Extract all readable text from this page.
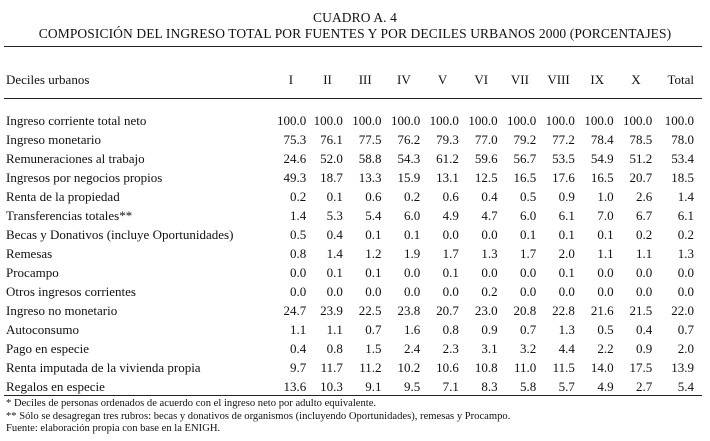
CUADRO A. 4
COMPOSICIÓN DEL INGRESO TOTAL POR FUENTES Y POR DECILES URBANOS 2000 (PORCENTAJES)
Deciles urbanos	I	II	III	IV	V	VI	VII	VIII	IX	X	Total
Ingreso corriente total neto	100.0	100.0	100.0	100.0	100.0	100.0	100.0	100.0	100.0	100.0	100.0
Ingreso monetario	75.3	76.1	77.5	76.2	79.3	77.0	79.2	77.2	78.4	78.5	78.0
Remuneraciones al trabajo	24.6	52.0	58.8	54.3	61.2	59.6	56.7	53.5	54.9	51.2	53.4
Ingresos por negocios propios	49.3	18.7	13.3	15.9	13.1	12.5	16.5	17.6	16.5	20.7	18.5
Renta de la propiedad	0.2	0.1	0.6	0.2	0.6	0.4	0.5	0.9	1.0	2.6	1.4
Transferencias totales**	1.4	5.3	5.4	6.0	4.9	4.7	6.0	6.1	7.0	6.7	6.1
Becas y Donativos (incluye Oportunidades)	0.5	0.4	0.1	0.1	0.0	0.0	0.1	0.1	0.1	0.2	0.2
Remesas	0.8	1.4	1.2	1.9	1.7	1.3	1.7	2.0	1.1	1.1	1.3
Procampo	0.0	0.1	0.1	0.0	0.1	0.0	0.0	0.1	0.0	0.0	0.0
Otros ingresos corrientes	0.0	0.0	0.0	0.0	0.0	0.2	0.0	0.0	0.0	0.0	0.0
Ingreso no monetario	24.7	23.9	22.5	23.8	20.7	23.0	20.8	22.8	21.6	21.5	22.0
Autoconsumo	1.1	1.1	0.7	1.6	0.8	0.9	0.7	1.3	0.5	0.4	0.7
Pago en especie	0.4	0.8	1.5	2.4	2.3	3.1	3.2	4.4	2.2	0.9	2.0
Renta imputada de la vivienda propia	9.7	11.7	11.2	10.2	10.6	10.8	11.0	11.5	14.0	17.5	13.9
Regalos en especie	13.6	10.3	9.1	9.5	7.1	8.3	5.8	5.7	4.9	2.7	5.4
* Deciles de personas ordenados de acuerdo con el ingreso neto por adulto equivalente.
** Sólo se desagregan tres rubros: becas y donativos de organismos (incluyendo Oportunidades), remesas y Procampo.
Fuente: elaboración propia con base en la ENIGH.
